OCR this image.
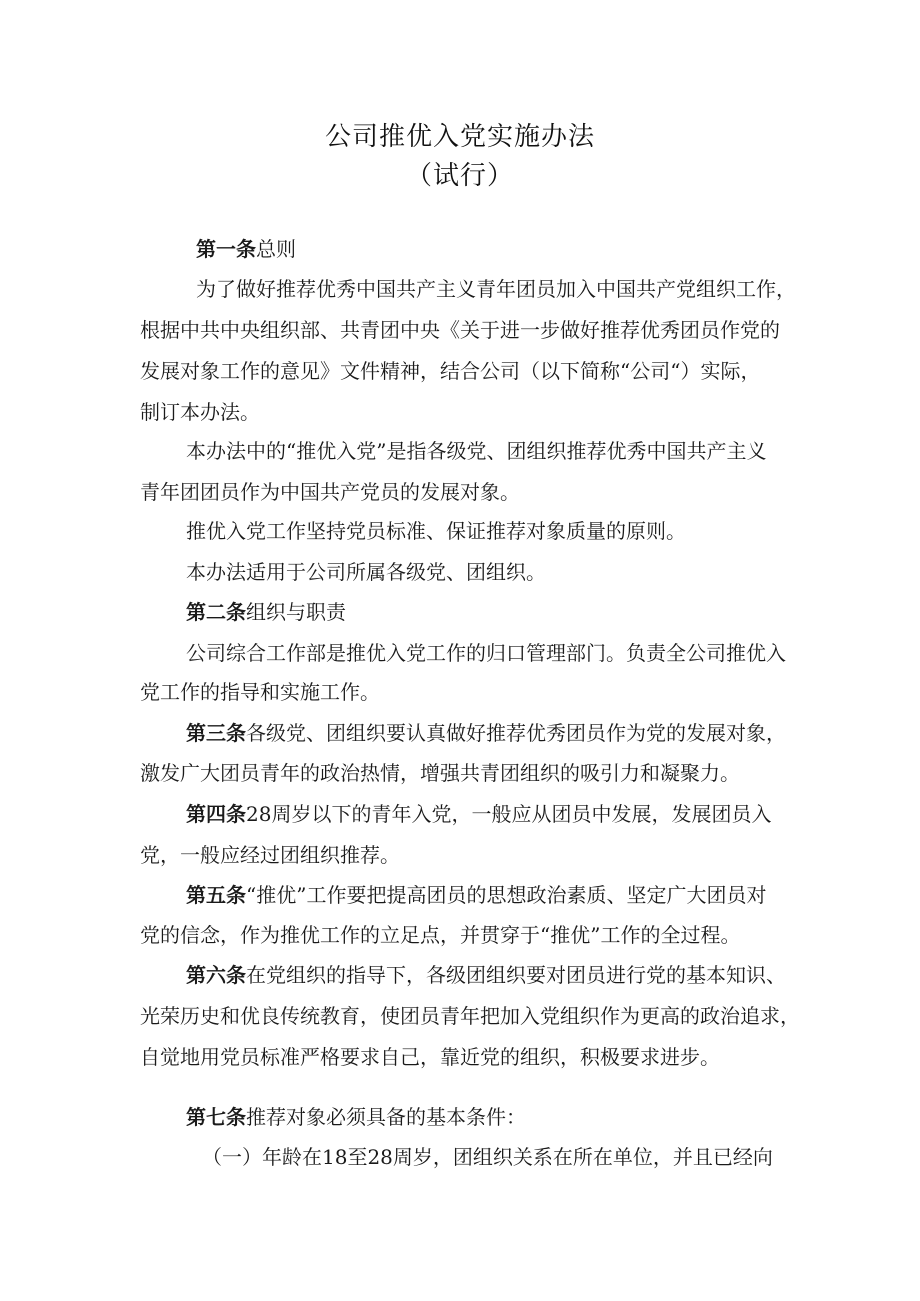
公司推优入党实施办法
（试行）
第一条总则
为了做好推荐优秀中国共产主义青年团员加入中国共产党组织工作，
根据中共中央组织部、共青团中央《关于进一步做好推荐优秀团员作党的
发展对象工作的意见》文件精神，结合公司（以下简称“公司“）实际，
制订本办法。
本办法中的“推优入党”是指各级党、团组织推荐优秀中国共产主义
青年团团员作为中国共产党员的发展对象。
推优入党工作坚持党员标准、保证推荐对象质量的原则。
本办法适用于公司所属各级党、团组织。
第二条组织与职责
公司综合工作部是推优入党工作的归口管理部门。负责全公司推优入
党工作的指导和实施工作。
第三条各级党、团组织要认真做好推荐优秀团员作为党的发展对象，
激发广大团员青年的政治热情，增强共青团组织的吸引力和凝聚力。
第四条28周岁以下的青年入党，一般应从团员中发展，发展团员入
党，一般应经过团组织推荐。
第五条“推优”工作要把提高团员的思想政治素质、坚定广大团员对
党的信念，作为推优工作的立足点，并贯穿于“推优”工作的全过程。
第六条在党组织的指导下，各级团组织要对团员进行党的基本知识、
光荣历史和优良传统教育，使团员青年把加入党组织作为更高的政治追求，
自觉地用党员标准严格要求自己，靠近党的组织，积极要求进步。
第七条推荐对象必须具备的基本条件：
（一）年龄在18至28周岁，团组织关系在所在单位，并且已经向
